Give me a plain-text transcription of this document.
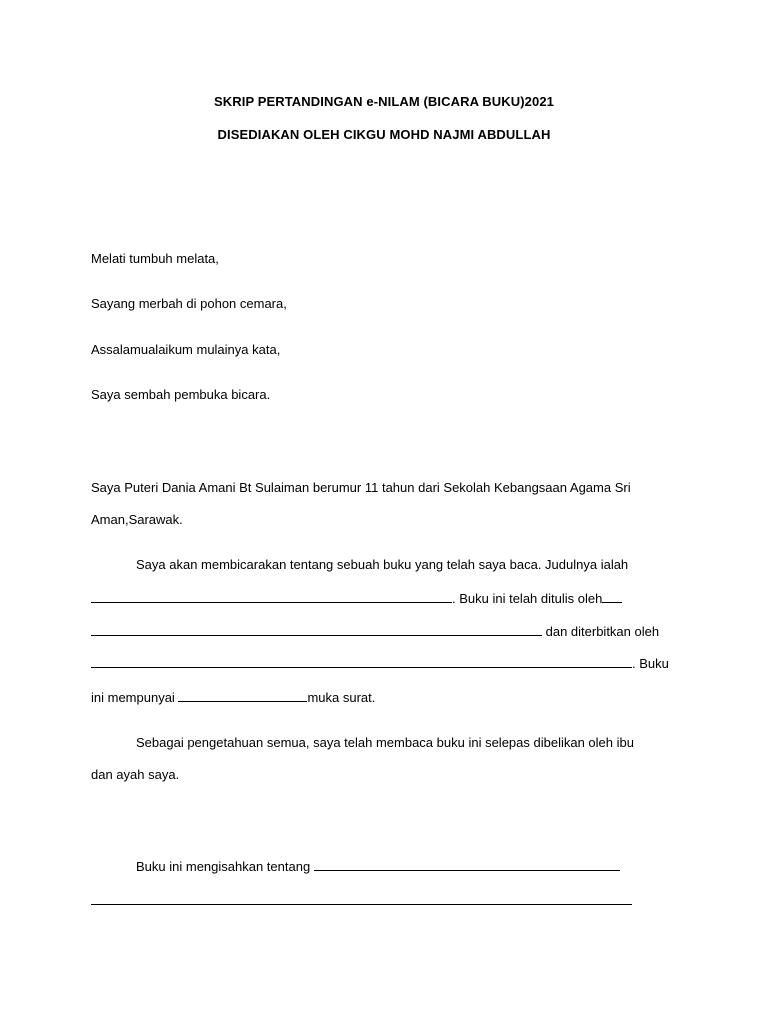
SKRIP PERTANDINGAN e-NILAM (BICARA BUKU)2021
DISEDIAKAN OLEH CIKGU MOHD NAJMI ABDULLAH
Melati tumbuh melata,
Sayang merbah di pohon cemara,
Assalamualaikum mulainya kata,
Saya sembah pembuka bicara.
Saya Puteri Dania Amani Bt Sulaiman berumur 11 tahun dari Sekolah Kebangsaan Agama Sri
Aman,Sarawak.
Saya akan membicarakan tentang sebuah buku yang telah saya baca. Judulnya ialah
. Buku ini telah ditulis oleh
dan diterbitkan oleh
. Buku
ini mempunyai	muka surat.
Sebagai pengetahuan semua, saya telah membaca buku ini selepas dibelikan oleh ibu
dan ayah saya.
Buku ini mengisahkan tentang
